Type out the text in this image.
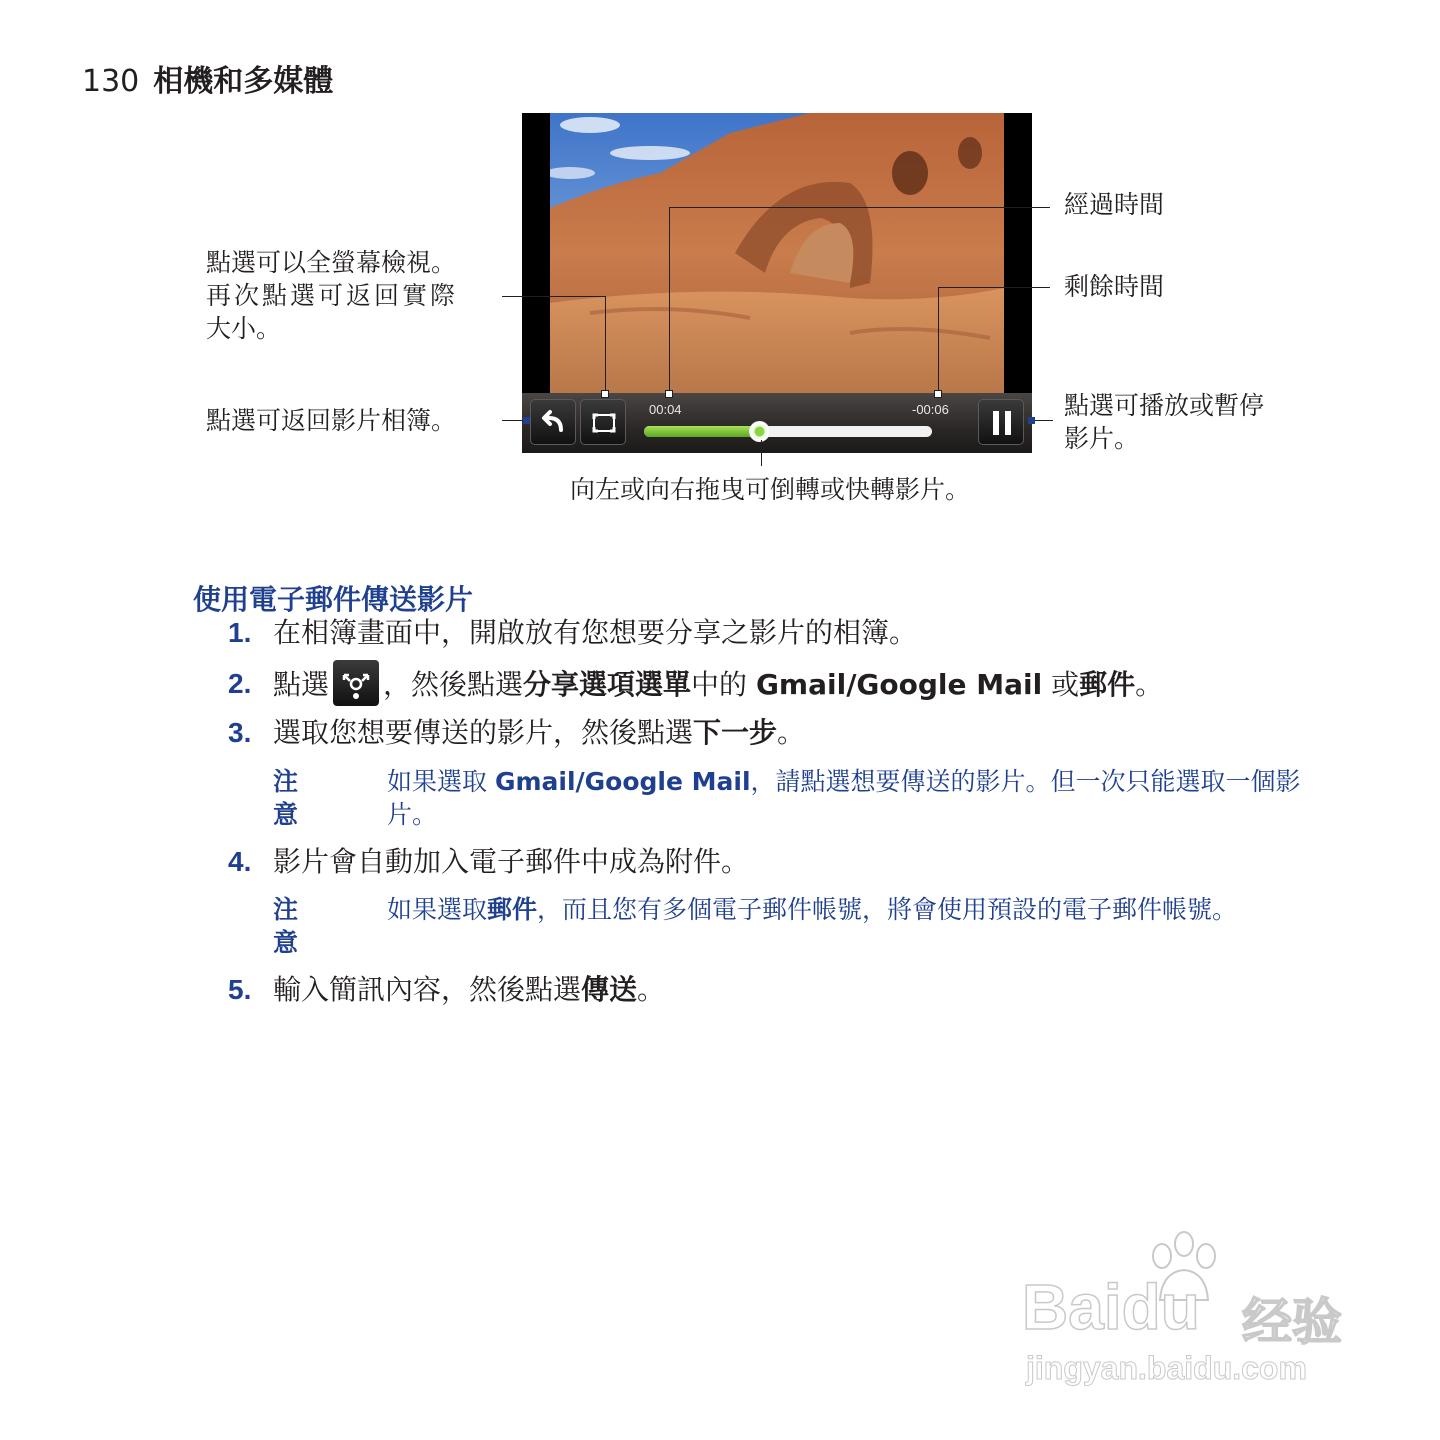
130 相機和多媒體
00:04	-00:06
點選可以全螢幕檢視。
再次點選可返回實際
大小。
點選可返回影片相簿。
經過時間
剩餘時間
點選可播放或暫停
影片。
向左或向右拖曳可倒轉或快轉影片。
使用電子郵件傳送影片
1. 在相簿畫面中，開啟放有您想要分享之影片的相簿。
2. 點選 ，然後點選分享選項選單中的 Gmail/Google Mail 或郵件。
3. 選取您想要傳送的影片，然後點選下一步。
注意
如果選取 Gmail/Google Mail，請點選想要傳送的影片。但一次只能選取一個影片。
4. 影片會自動加入電子郵件中成為附件。
注意
如果選取郵件，而且您有多個電子郵件帳號，將會使用預設的電子郵件帳號。
5. 輸入簡訊內容，然後點選傳送。
Baidu 经验
jingyan.baidu.com
